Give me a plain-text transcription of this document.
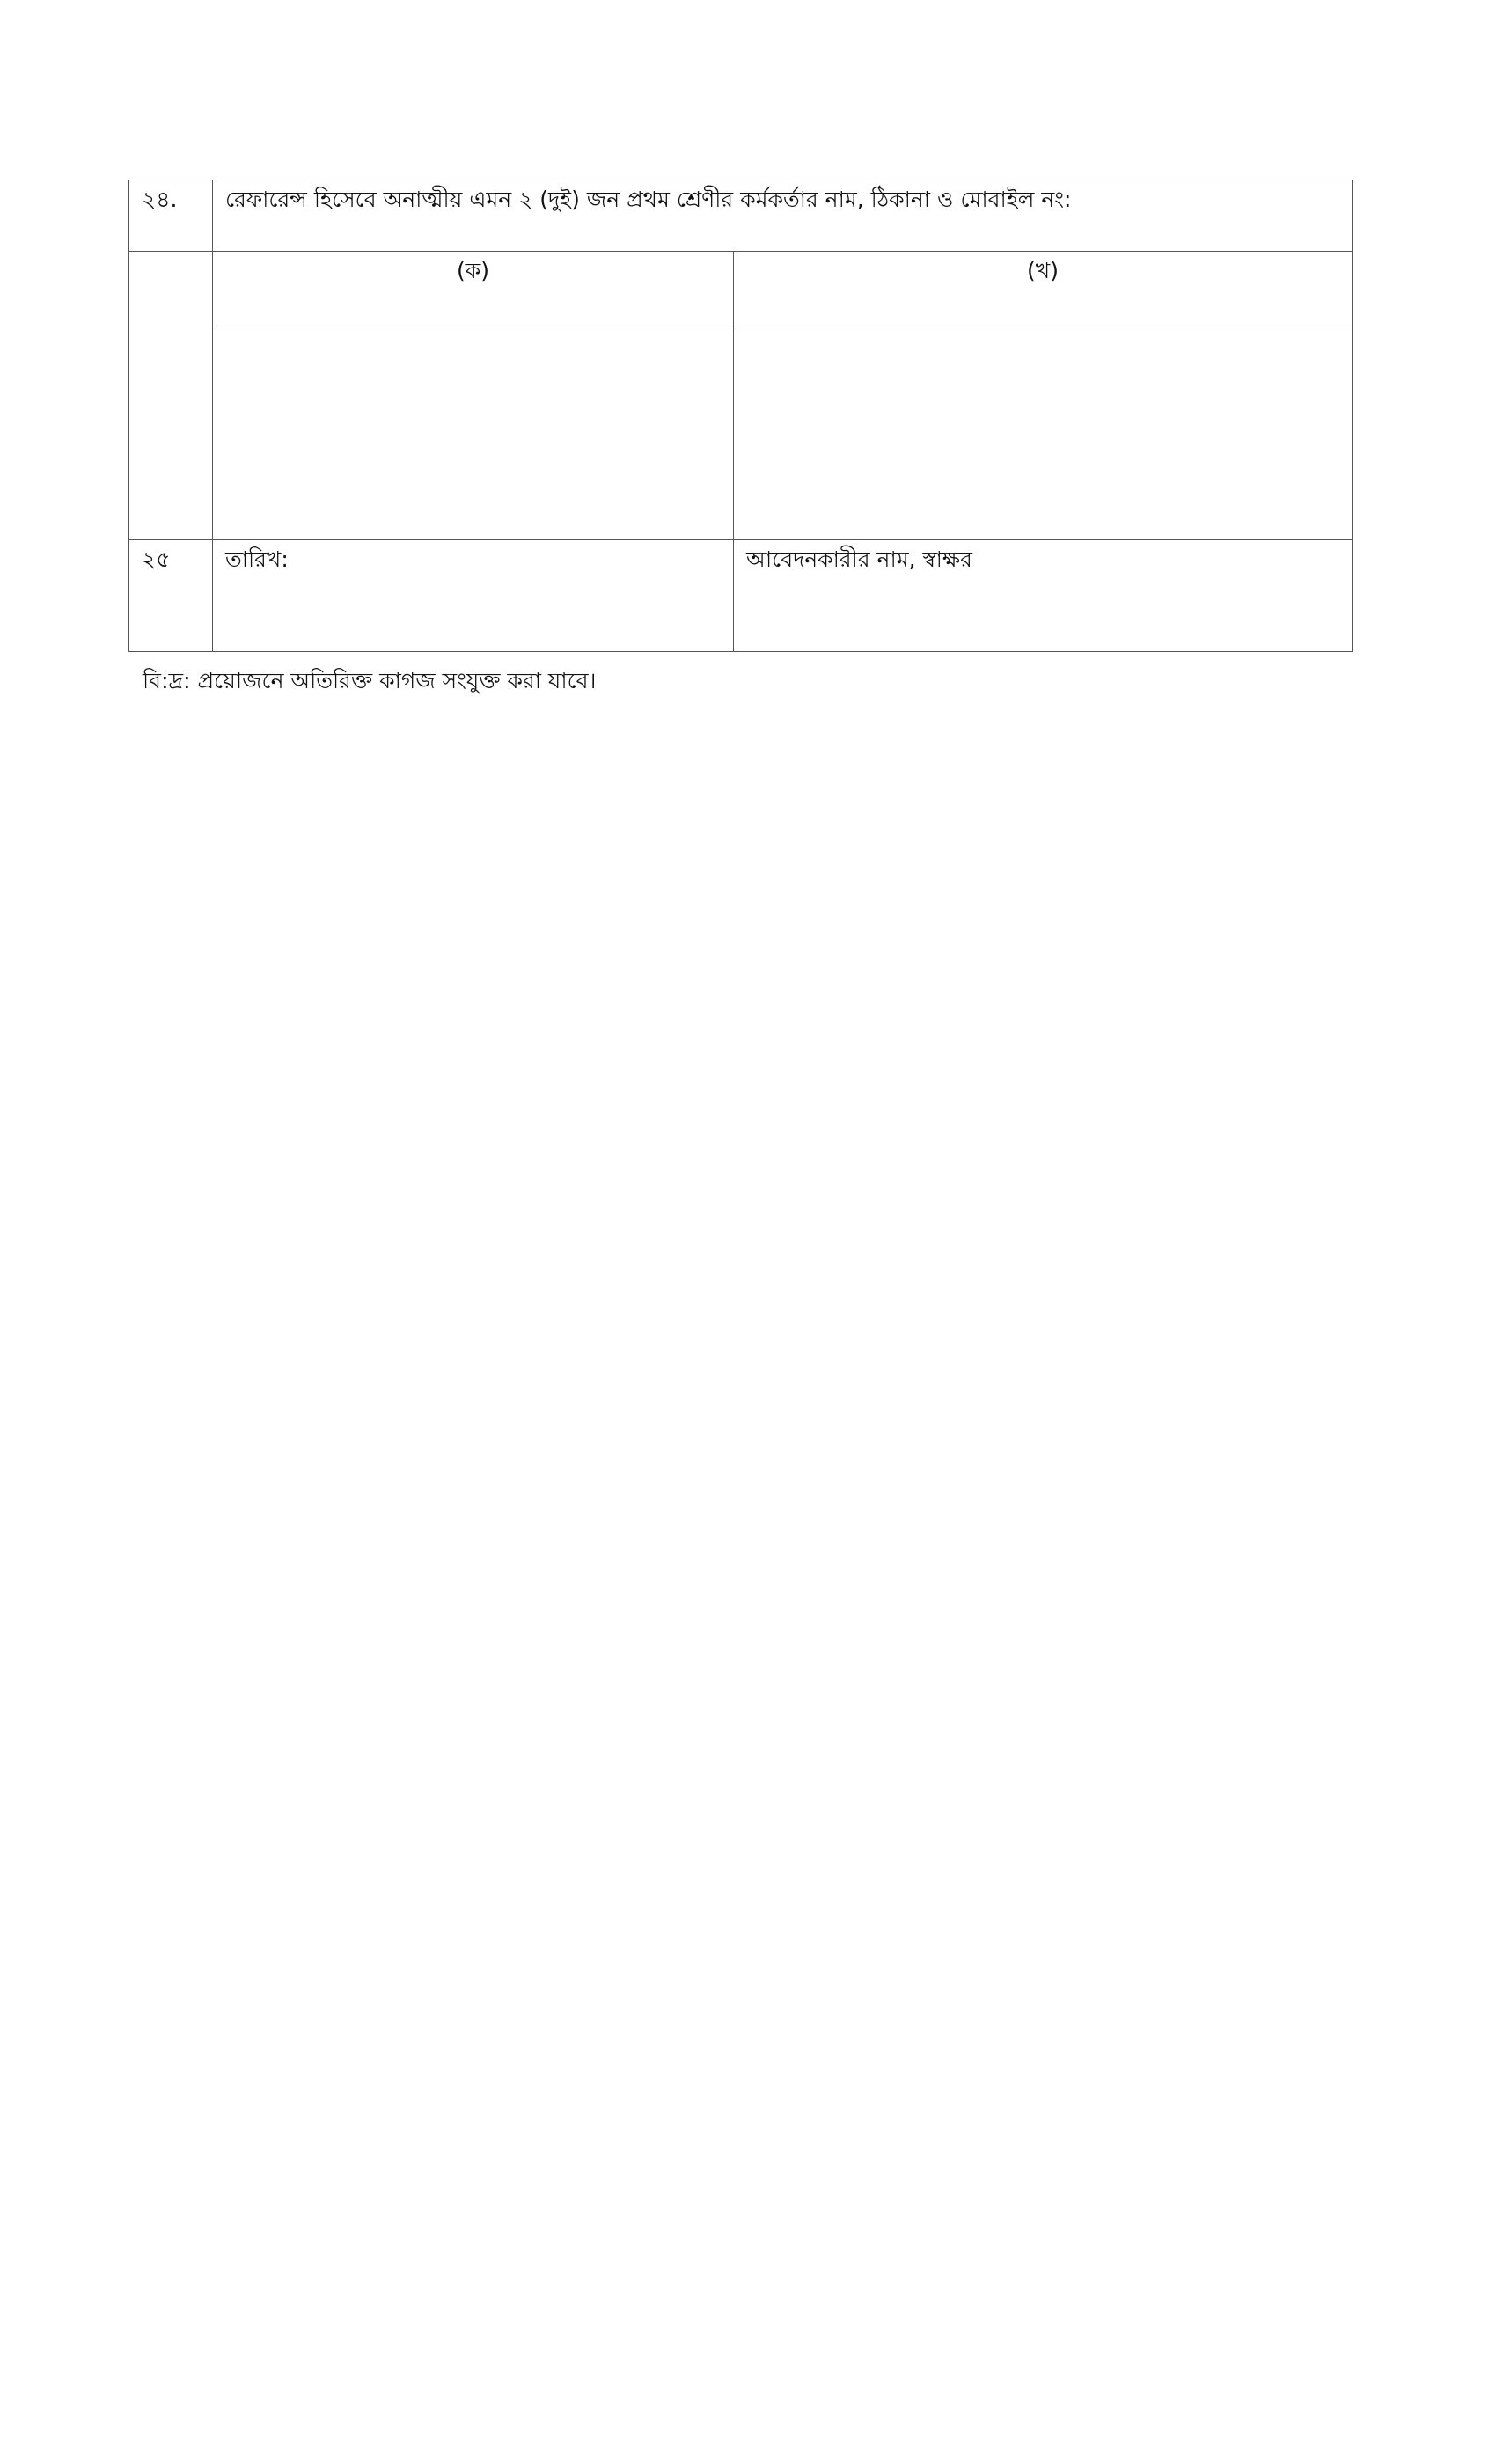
২৪.	রেফারেন্স হিসেবে অনাত্মীয় এমন ২ (দুই) জন প্রথম শ্রেণীর কর্মকর্তার নাম, ঠিকানা ও মোবাইল নং:	
	(ক)	(খ)

২৫	তারিখ:	আবেদনকারীর নাম, স্বাক্ষর

বি:দ্র: প্রয়োজনে অতিরিক্ত কাগজ সংযুক্ত করা যাবে।
